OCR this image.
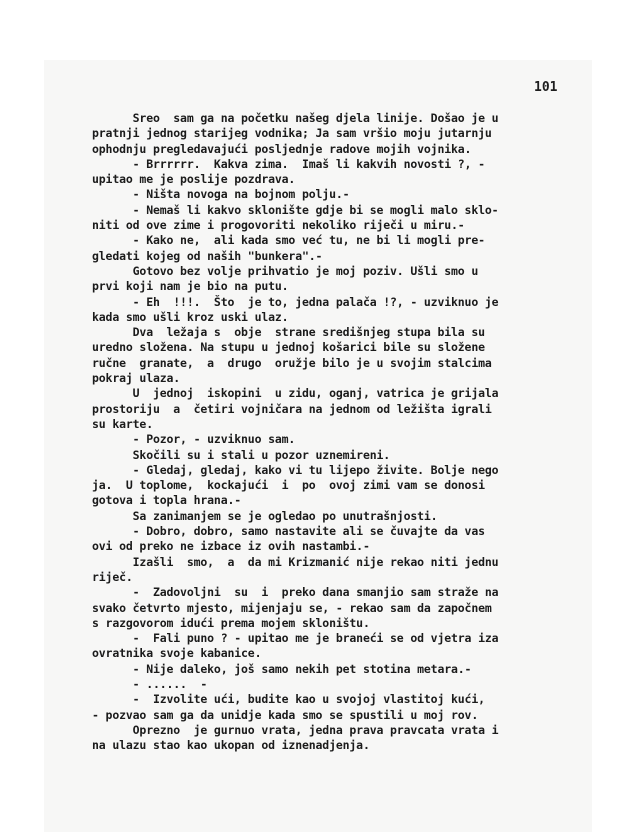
101
Sreo  sam ga na početku našeg djela linije. Došao je u
pratnji jednog starijeg vodnika; Ja sam vršio moju jutarnju
ophodnju pregledavajući posljednje radove mojih vojnika.
- Brrrrrr.  Kakva zima.  Imaš li kakvih novosti ?, -
upitao me je poslije pozdrava.
- Ništa novoga na bojnom polju.-
- Nemaš li kakvo sklonište gdje bi se mogli malo sklo-
niti od ove zime i progovoriti nekoliko riječi u miru.-
- Kako ne,  ali kada smo već tu, ne bi li mogli pre-
gledati kojeg od naših "bunkera".-
Gotovo bez volje prihvatio je moj poziv. Ušli smo u
prvi koji nam je bio na putu.
- Eh  !!!.  Što  je to, jedna palača !?, - uzviknuo je
kada smo ušli kroz uski ulaz.
Dva  ležaja s  obje  strane središnjeg stupa bila su
uredno složena. Na stupu u jednoj košarici bile su složene
ručne  granate,  a  drugo  oružje bilo je u svojim stalcima
pokraj ulaza.
U  jednoj  iskopini  u zidu, oganj, vatrica je grijala
prostoriju  a  četiri vojničara na jednom od ležišta igrali
su karte.
- Pozor, - uzviknuo sam.
Skočili su i stali u pozor uznemireni.
- Gledaj, gledaj, kako vi tu lijepo živite. Bolje nego
ja.  U toplome,  kockajući  i  po  ovoj zimi vam se donosi
gotova i topla hrana.-
Sa zanimanjem se je ogledao po unutrašnjosti.
- Dobro, dobro, samo nastavite ali se čuvajte da vas
ovi od preko ne izbace iz ovih nastambi.-
Izašli  smo,  a  da mi Krizmanić nije rekao niti jednu
riječ.
-  Zadovoljni  su  i  preko dana smanjio sam straže na
svako četvrto mjesto, mijenjaju se, - rekao sam da započnem
s razgovorom idući prema mojem skloništu.
-  Fali puno ? - upitao me je braneći se od vjetra iza
ovratnika svoje kabanice.
- Nije daleko, još samo nekih pet stotina metara.-
- ......  -
-  Izvolite ući, budite kao u svojoj vlastitoj kući,
- pozvao sam ga da unidje kada smo se spustili u moj rov.
Oprezno  je gurnuo vrata, jedna prava pravcata vrata i
na ulazu stao kao ukopan od iznenadjenja.
